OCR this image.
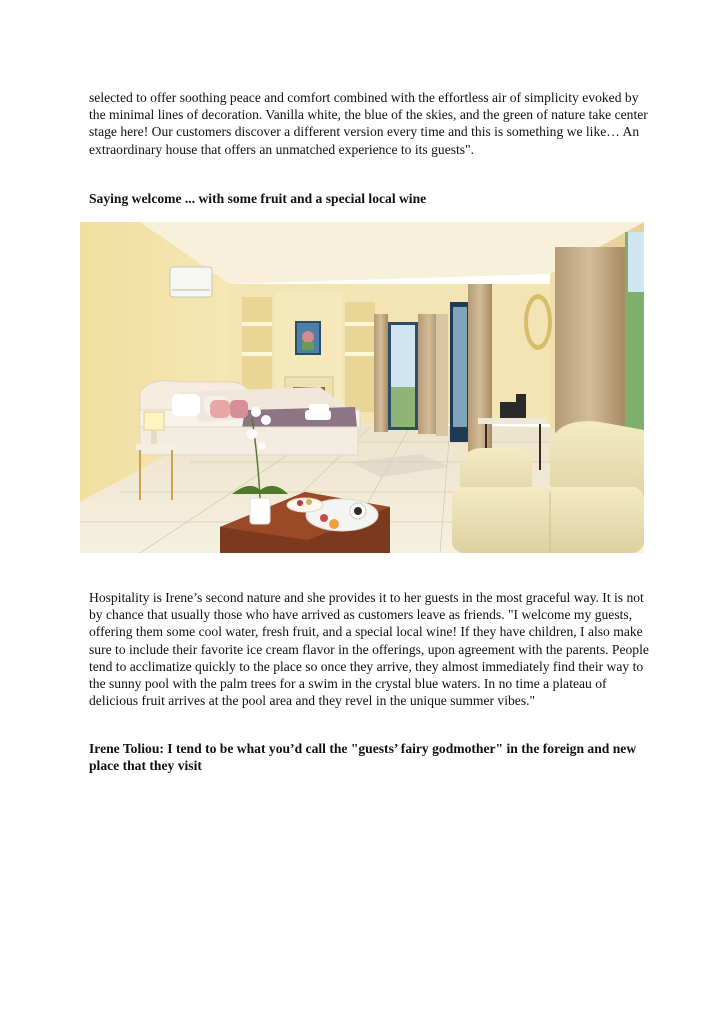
selected to offer soothing peace and comfort combined with the effortless air of simplicity evoked by the minimal lines of decoration. Vanilla white, the blue of the skies, and the green of nature take center stage here! Our customers discover a different version every time and this is something we like… An extraordinary house that offers an unmatched experience to its guests".

Saying welcome ... with some fruit and a special local wine

Hospitality is Irene’s second nature and she provides it to her guests in the most graceful way. It is not by chance that usually those who have arrived as customers leave as friends. "I welcome my guests, offering them some cool water, fresh fruit, and a special local wine! If they have children, I also make sure to include their favorite ice cream flavor in the offerings, upon agreement with the parents. People tend to acclimatize quickly to the place so once they arrive, they almost immediately find their way to the sunny pool with the palm trees for a swim in the crystal blue waters. In no time a plateau of delicious fruit arrives at the pool area and they revel in the unique summer vibes."

Irene Toliou: I tend to be what you’d call the "guests’ fairy godmother" in the foreign and new place that they visit
